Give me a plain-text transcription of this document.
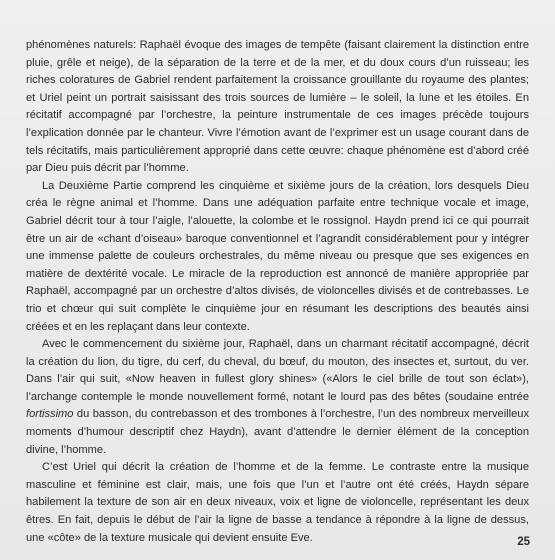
phénomènes naturels: Raphaël évoque des images de tempête (faisant clairement la distinction entre pluie, grêle et neige), de la séparation de la terre et de la mer, et du doux cours d’un ruisseau; les riches coloratures de Gabriel rendent parfaitement la croissance grouillante du royaume des plantes; et Uriel peint un portrait saisissant des trois sources de lumière – le soleil, la lune et les étoiles. En récitatif accompagné par l’orchestre, la peinture instrumentale de ces images précède toujours l’explication donnée par le chanteur. Vivre l’émotion avant de l’exprimer est un usage courant dans de tels récitatifs, mais particulièrement approprié dans cette œuvre: chaque phénomène est d’abord créé par Dieu puis décrit par l’homme.

La Deuxième Partie comprend les cinquième et sixième jours de la création, lors desquels Dieu créa le règne animal et l’homme. Dans une adéquation parfaite entre technique vocale et image, Gabriel décrit tour à tour l’aigle, l’alouette, la colombe et le rossignol. Haydn prend ici ce qui pourrait être un air de «chant d’oiseau» baroque conventionnel et l’agrandit considérablement pour y intégrer une immense palette de couleurs orchestrales, du même niveau ou presque que ses exigences en matière de dextérité vocale. Le miracle de la reproduction est annoncé de manière appropriée par Raphaël, accompagné par un orchestre d’altos divisés, de violoncelles divisés et de contrebasses. Le trio et chœur qui suit complète le cinquième jour en résumant les descriptions des beautés ainsi créées et en les replaçant dans leur contexte.

Avec le commencement du sixième jour, Raphaël, dans un charmant récitatif accompagné, décrit la création du lion, du tigre, du cerf, du cheval, du bœuf, du mouton, des insectes et, surtout, du ver. Dans l’air qui suit, «Now heaven in fullest glory shines» («Alors le ciel brille de tout son éclat»), l’archange contemple le monde nouvellement formé, notant le lourd pas des bêtes (soudaine entrée fortissimo du basson, du contrebasson et des trombones à l’orchestre, l’un des nombreux merveilleux moments d’humour descriptif chez Haydn), avant d’attendre le dernier élément de la conception divine, l’homme.

C’est Uriel qui décrit la création de l’homme et de la femme. Le contraste entre la musique masculine et féminine est clair, mais, une fois que l’un et l’autre ont été créés, Haydn sépare habilement la texture de son air en deux niveaux, voix et ligne de violoncelle, représentant les deux êtres. En fait, depuis le début de l’air la ligne de basse a tendance à répondre à la ligne de dessus, une «côte» de la texture musicale qui devient ensuite Eve.	25
